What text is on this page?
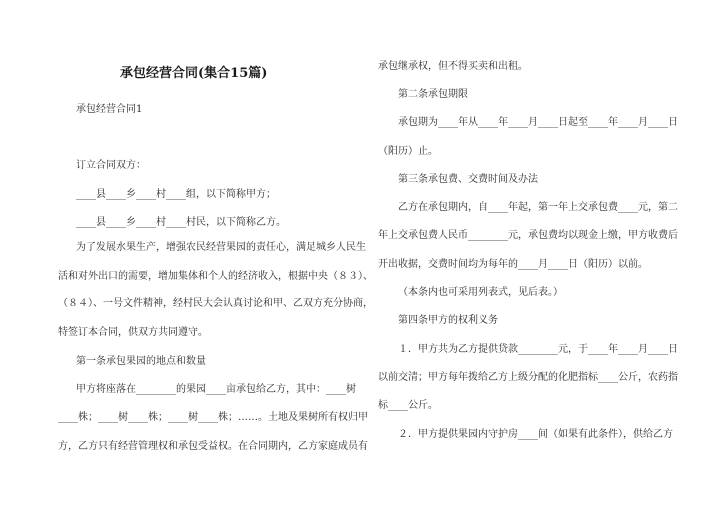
承包经营合同(集合15篇)
承包经营合同1
订立合同双方：
____县____乡____村____组，以下简称甲方；
____县____乡____村____村民，以下简称乙方。
为了发展水果生产，增强农民经营果园的责任心，满足城乡人民生
活和对外出口的需要，增加集体和个人的经济收入，根据中央（８３）、
（８４）、一号文件精神，经村民大会认真讨论和甲、乙双方充分协商，
特签订本合同，供双方共同遵守。
第一条承包果园的地点和数量
甲方将座落在________的果园____亩承包给乙方，其中：____树
____株；____树____株；____树____株；……。土地及果树所有权归甲
方，乙方只有经营管理权和承包受益权。在合同期内，乙方家庭成员有
承包继承权，但不得买卖和出租。
第二条承包期限
承包期为____年从____年____月____日起至____年____月____日
（阳历）止。
第三条承包费、交费时间及办法
乙方在承包期内，自____年起，第一年上交承包费____元，第二
年上交承包费人民币________元，承包费均以现金上缴，甲方收费后
开出收据，交费时间均为每年的____月____日（阳历）以前。
（本条内也可采用列表式，见后表。）
第四条甲方的权利义务
１．甲方共为乙方提供贷款________元，于____年____月____日
以前交清；甲方每年拨给乙方上级分配的化肥指标____公斤，农药指
标____公斤。
２．甲方提供果园内守护房____间（如果有此条件），供给乙方
